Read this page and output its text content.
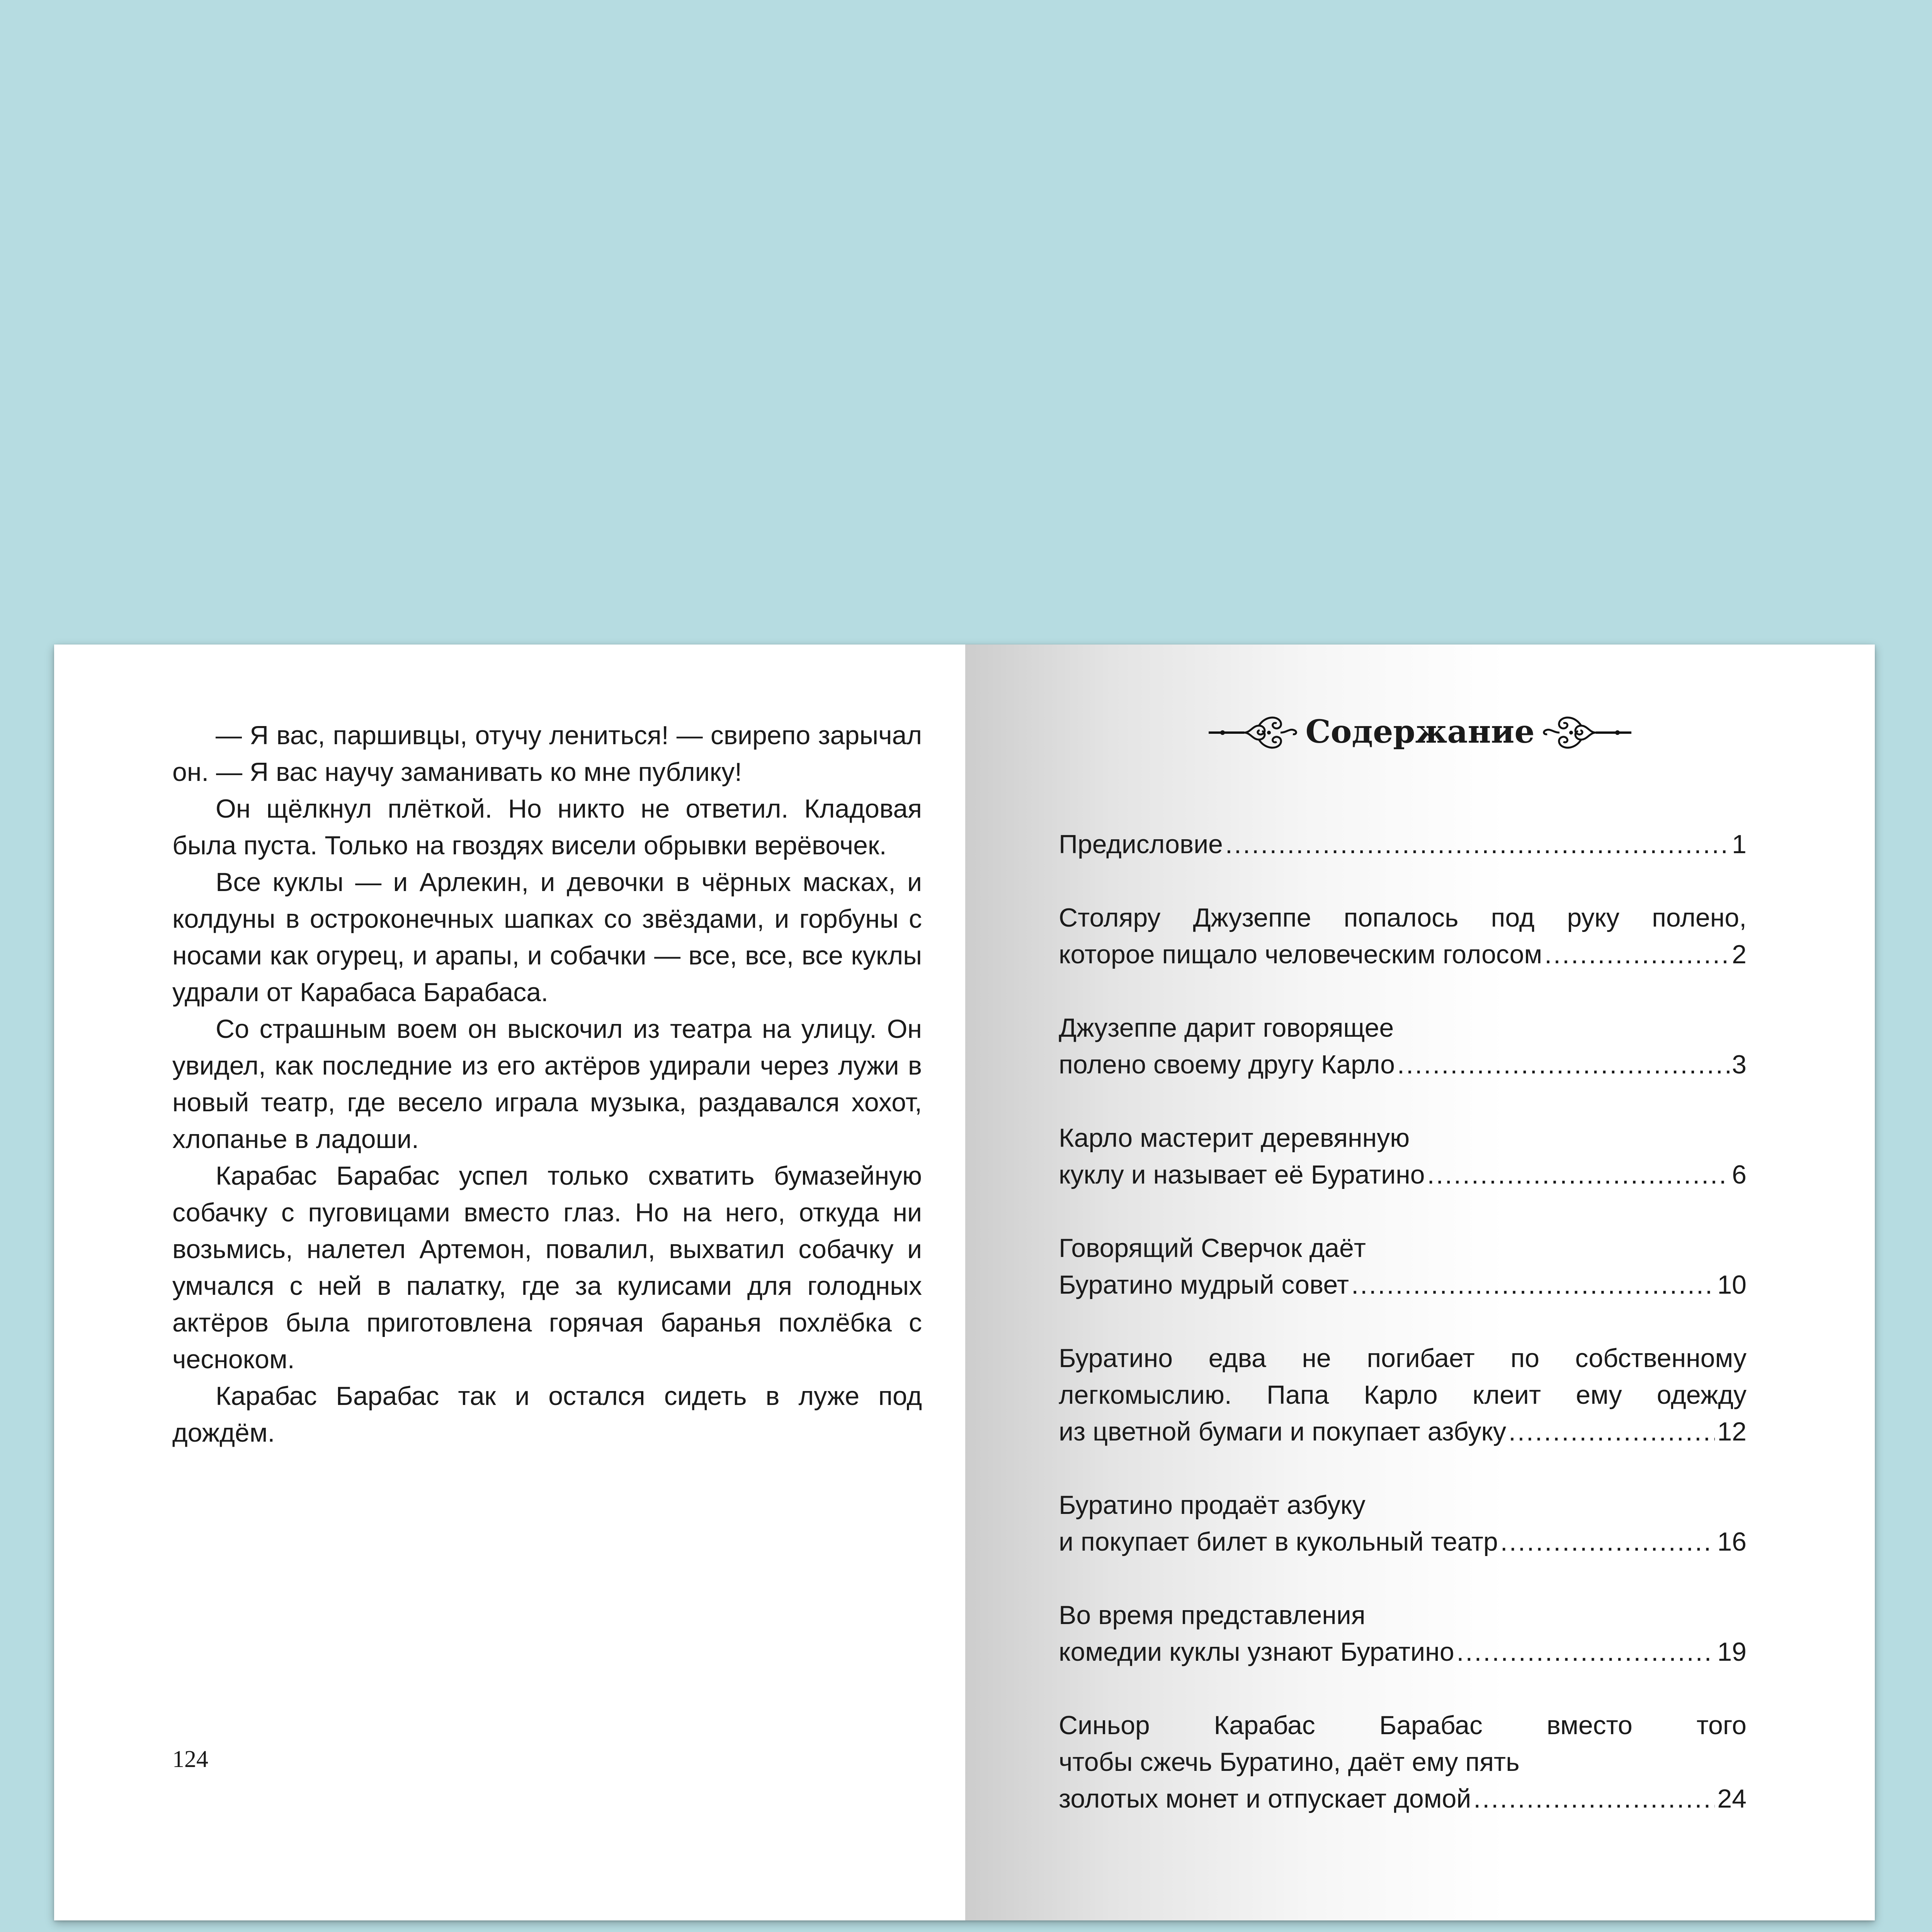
— Я вас, паршивцы, отучу лениться! — свирепо зарычал он. — Я вас научу заманивать ко мне публику!

Он щёлкнул плёткой. Но никто не ответил. Кладовая была пуста. Только на гвоздях висели обрывки верёвочек.

Все куклы — и Арлекин, и девочки в чёрных масках, и колдуны в остроконечных шапках со звёздами, и горбуны с носами как огурец, и арапы, и собачки — все, все, все куклы удрали от Карабаса Барабаса.

Со страшным воем он выскочил из театра на улицу. Он увидел, как последние из его актёров удирали через лужи в новый театр, где весело играла музыка, раздавался хохот, хлопанье в ладоши.

Карабас Барабас успел только схватить бумазейную собачку с пуговицами вместо глаз. Но на него, откуда ни возьмись, налетел Артемон, повалил, выхватил собачку и умчался с ней в палатку, где за кулисами для голодных актёров была приготовлена горячая баранья похлёбка с чесноком.

Карабас Барабас так и остался сидеть в луже под дождём.

124
Содержание
Предисловие .....	1
Столяру Джузеппе попалось под руку полено,
которое пищало человеческим голосом .....	2
Джузеппе дарит говорящее
полено своему другу Карло .....	3
Карло мастерит деревянную
куклу и называет её Буратино .....	6
Говорящий Сверчок даёт
Буратино мудрый совет .....	10
Буратино едва не погибает по собственному
легкомыслию. Папа Карло клеит ему одежду
из цветной бумаги и покупает азбуку .....	12
Буратино продаёт азбуку
и покупает билет в кукольный театр .....	16
Во время представления
комедии куклы узнают Буратино .....	19
Синьор Карабас Барабас вместо того
чтобы сжечь Буратино, даёт ему пять
золотых монет и отпускает домой .....	24
